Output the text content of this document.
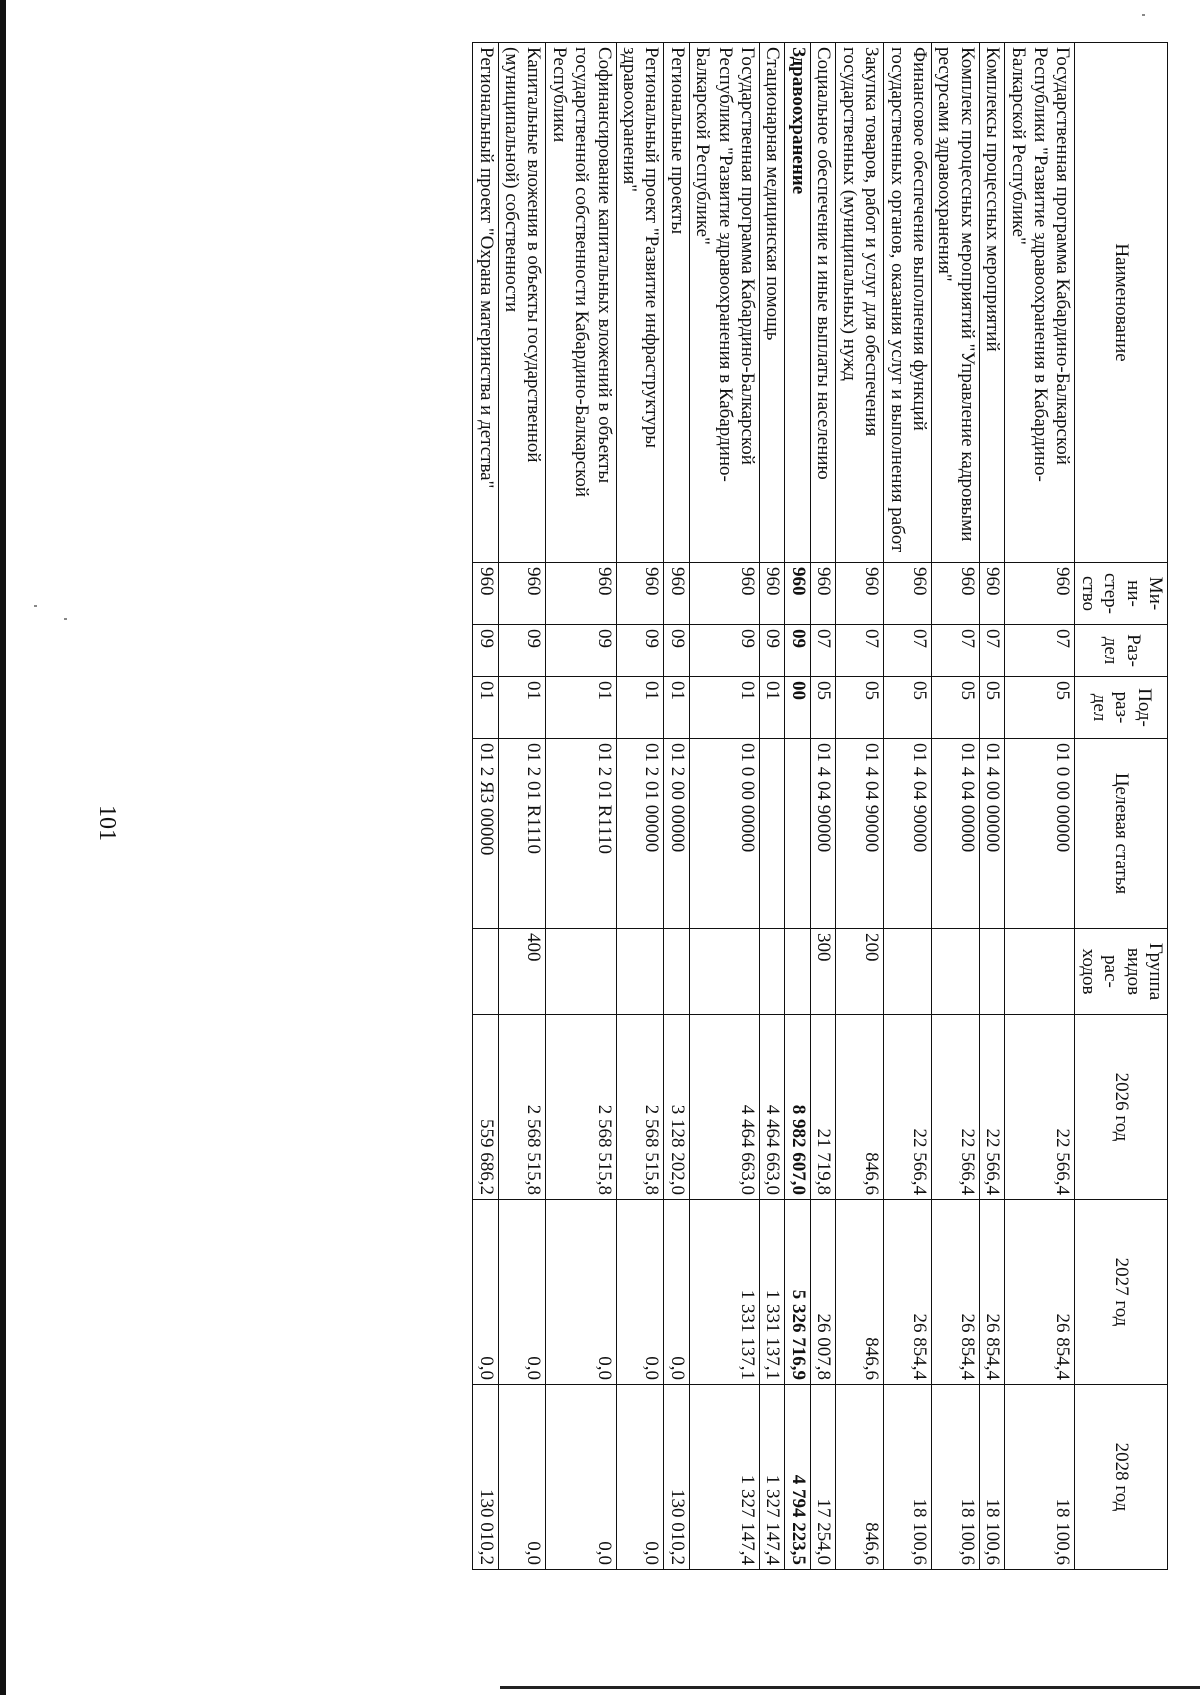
101
Наименование	Ми-ни-стер-ство	Раз-дел	Под-раз-дел	Целевая статья	Группа видов рас-ходов	2026 год	2027 год	2028 год
Государственная программа Кабардино-Балкарской Республики "Развитие здравоохранения в Кабардино-Балкарской Республике"	960	07	05	01 0 00 00000		22 566,4	26 854,4	18 100,6
Комплексы процессных мероприятий	960	07	05	01 4 00 00000		22 566,4	26 854,4	18 100,6
Комплекс процессных мероприятий "Управление кадровыми ресурсами здравоохранения"	960	07	05	01 4 04 00000		22 566,4	26 854,4	18 100,6
Финансовое обеспечение выполнения функций государственных органов, оказания услуг и выполнения работ	960	07	05	01 4 04 90000		22 566,4	26 854,4	18 100,6
Закупка товаров, работ и услуг для обеспечения государственных (муниципальных) нужд	960	07	05	01 4 04 90000	200	846,6	846,6	846,6
Социальное обеспечение и иные выплаты населению	960	07	05	01 4 04 90000	300	21 719,8	26 007,8	17 254,0
Здравоохранение	960	09	00			8 982 607,0	5 326 716,9	4 794 223,5
Стационарная медицинская помощь	960	09	01			4 464 663,0	1 331 137,1	1 327 147,4
Государственная программа Кабардино-Балкарской Республики "Развитие здравоохранения в Кабардино-Балкарской Республике"	960	09	01	01 0 00 00000		4 464 663,0	1 331 137,1	1 327 147,4
Региональные проекты	960	09	01	01 2 00 00000		3 128 202,0	0,0	130 010,2
Региональный проект "Развитие инфраструктуры здравоохранения"	960	09	01	01 2 01 00000		2 568 515,8	0,0	0,0
Софинансирование капитальных вложений в объекты государственной собственности Кабардино-Балкарской Республики	960	09	01	01 2 01 R1110		2 568 515,8	0,0	0,0
Капитальные вложения в объекты государственной (муниципальной) собственности	960	09	01	01 2 01 R1110	400	2 568 515,8	0,0	0,0
Региональный проект "Охрана материнства и детства"	960	09	01	01 2 Я3 00000		559 686,2	0,0	130 010,2
